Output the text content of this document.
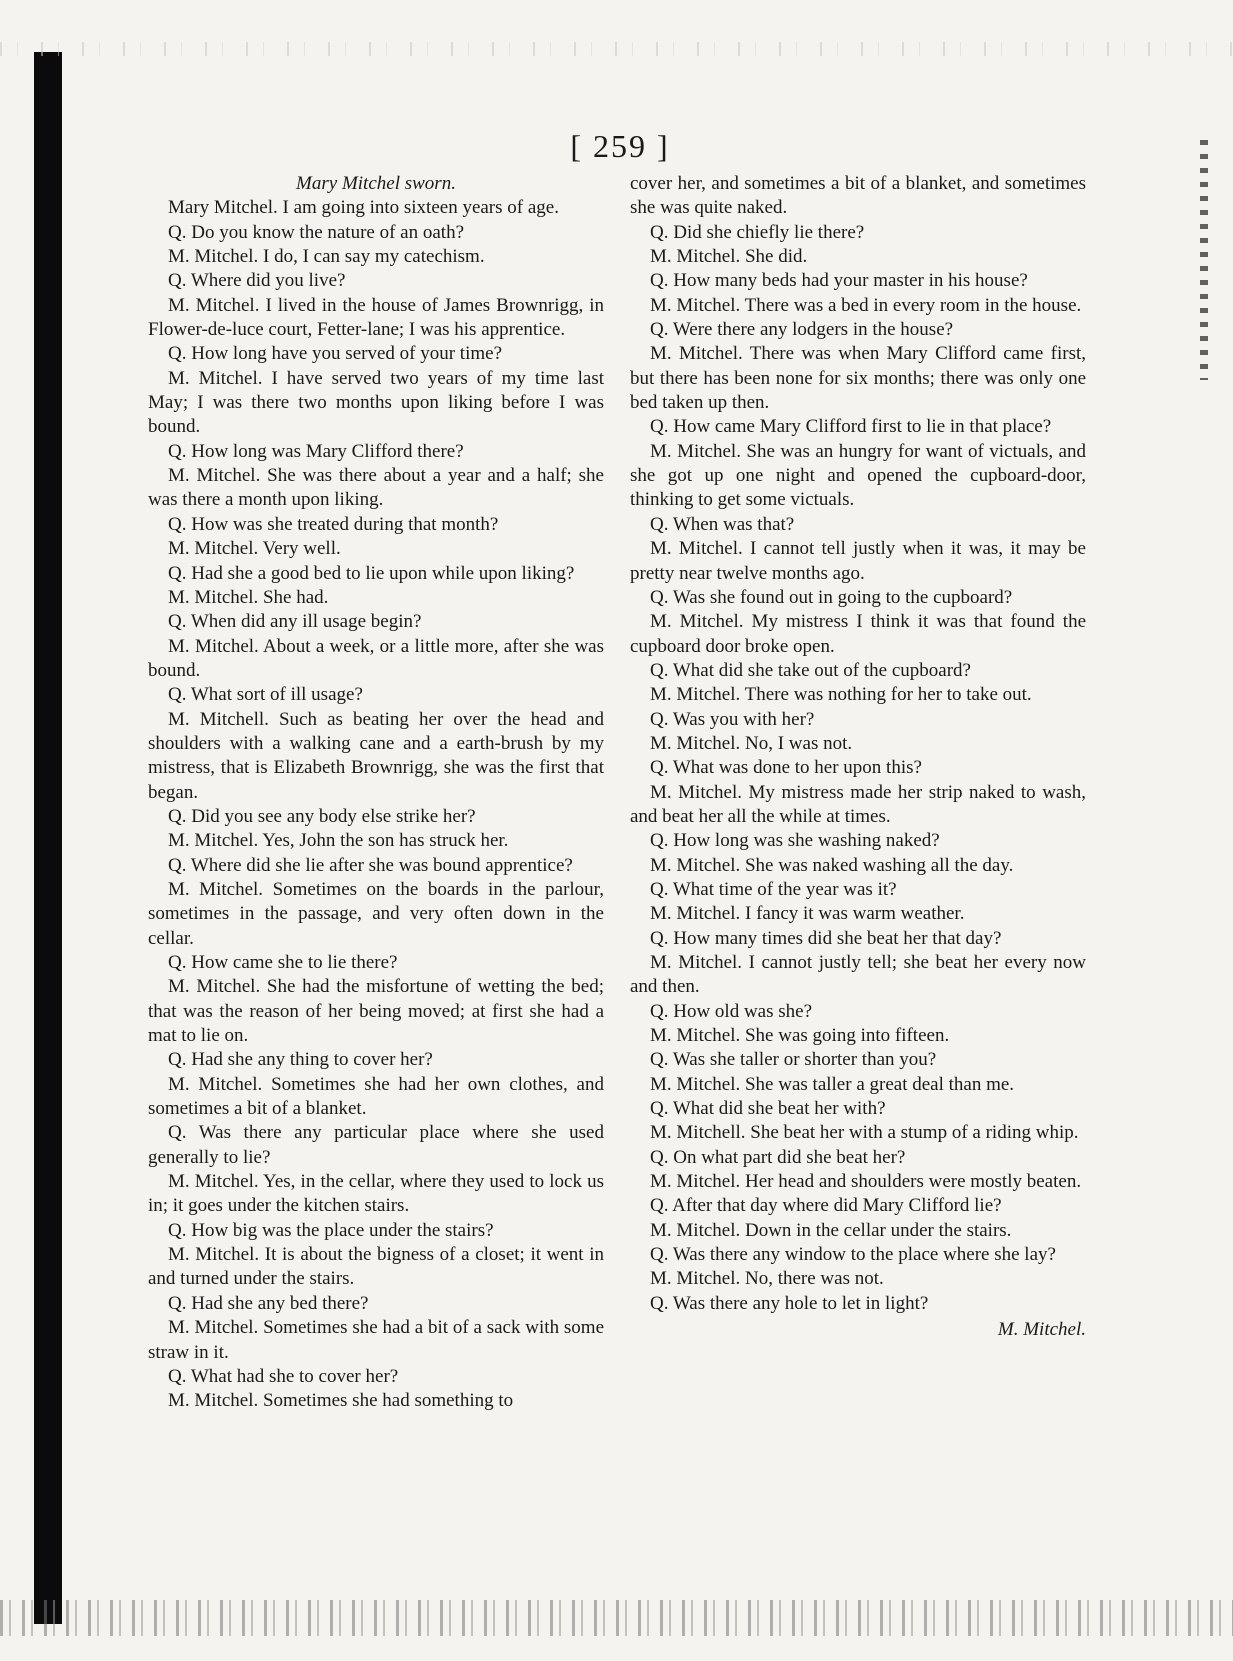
[ 259 ]

Mary Mitchel sworn.

Mary Mitchel. I am going into sixteen years of age.

Q. Do you know the nature of an oath?

M. Mitchel. I do, I can say my catechism.

Q. Where did you live?

M. Mitchel. I lived in the house of James Brownrigg, in Flower-de-luce court, Fetter-lane; I was his apprentice.

Q. How long have you served of your time?

M. Mitchel. I have served two years of my time last May; I was there two months upon liking before I was bound.

Q. How long was Mary Clifford there?

M. Mitchel. She was there about a year and a half; she was there a month upon liking.

Q. How was she treated during that month?

M. Mitchel. Very well.

Q. Had she a good bed to lie upon while upon liking?

M. Mitchel. She had.

Q. When did any ill usage begin?

M. Mitchel. About a week, or a little more, after she was bound.

Q. What sort of ill usage?

M. Mitchell. Such as beating her over the head and shoulders with a walking cane and a earth-brush by my mistress, that is Elizabeth Brownrigg, she was the first that began.

Q. Did you see any body else strike her?

M. Mitchel. Yes, John the son has struck her.

Q. Where did she lie after she was bound apprentice?

M. Mitchel. Sometimes on the boards in the parlour, sometimes in the passage, and very often down in the cellar.

Q. How came she to lie there?

M. Mitchel. She had the misfortune of wetting the bed; that was the reason of her being moved; at first she had a mat to lie on.

Q. Had she any thing to cover her?

M. Mitchel. Sometimes she had her own clothes, and sometimes a bit of a blanket.

Q. Was there any particular place where she used generally to lie?

M. Mitchel. Yes, in the cellar, where they used to lock us in; it goes under the kitchen stairs.

Q. How big was the place under the stairs?

M. Mitchel. It is about the bigness of a closet; it went in and turned under the stairs.

Q. Had she any bed there?

M. Mitchel. Sometimes she had a bit of a sack with some straw in it.

Q. What had she to cover her?

M. Mitchel. Sometimes she had something to

cover her, and sometimes a bit of a blanket, and sometimes she was quite naked.

Q. Did she chiefly lie there?

M. Mitchel. She did.

Q. How many beds had your master in his house?

M. Mitchel. There was a bed in every room in the house.

Q. Were there any lodgers in the house?

M. Mitchel. There was when Mary Clifford came first, but there has been none for six months; there was only one bed taken up then.

Q. How came Mary Clifford first to lie in that place?

M. Mitchel. She was an hungry for want of victuals, and she got up one night and opened the cupboard-door, thinking to get some victuals.

Q. When was that?

M. Mitchel. I cannot tell justly when it was, it may be pretty near twelve months ago.

Q. Was she found out in going to the cupboard?

M. Mitchel. My mistress I think it was that found the cupboard door broke open.

Q. What did she take out of the cupboard?

M. Mitchel. There was nothing for her to take out.

Q. Was you with her?

M. Mitchel. No, I was not.

Q. What was done to her upon this?

M. Mitchel. My mistress made her strip naked to wash, and beat her all the while at times.

Q. How long was she washing naked?

M. Mitchel. She was naked washing all the day.

Q. What time of the year was it?

M. Mitchel. I fancy it was warm weather.

Q. How many times did she beat her that day?

M. Mitchel. I cannot justly tell; she beat her every now and then.

Q. How old was she?

M. Mitchel. She was going into fifteen.

Q. Was she taller or shorter than you?

M. Mitchel. She was taller a great deal than me.

Q. What did she beat her with?

M. Mitchell. She beat her with a stump of a riding whip.

Q. On what part did she beat her?

M. Mitchel. Her head and shoulders were mostly beaten.

Q. After that day where did Mary Clifford lie?

M. Mitchel. Down in the cellar under the stairs.

Q. Was there any window to the place where she lay?

M. Mitchel. No, there was not.

Q. Was there any hole to let in light?

M. Mitchel.
